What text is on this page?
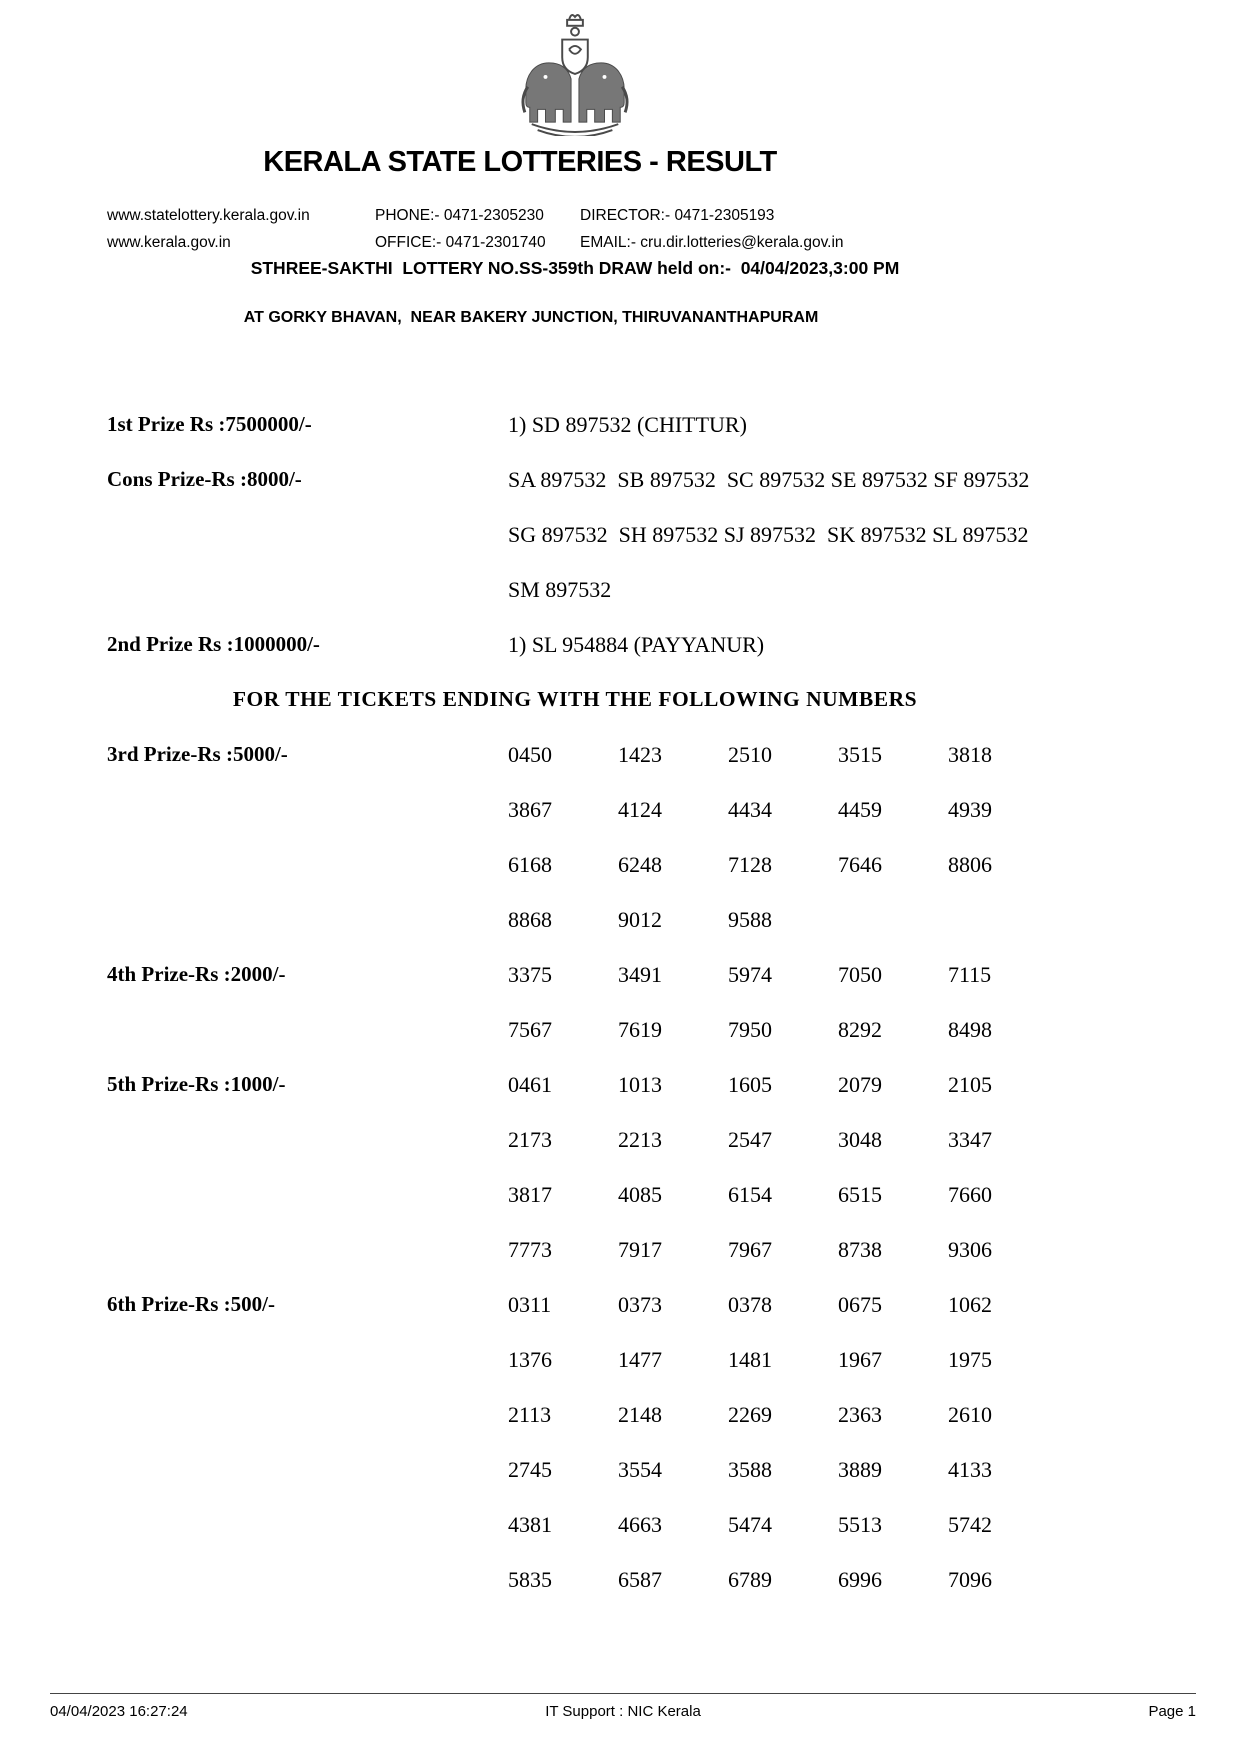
KERALA STATE LOTTERIES - RESULT
www.statelottery.kerala.gov.in	PHONE:- 0471-2305230	DIRECTOR:- 0471-2305193
www.kerala.gov.in	OFFICE:- 0471-2301740	EMAIL:- cru.dir.lotteries@kerala.gov.in
STHREE-SAKTHI  LOTTERY NO.SS-359th DRAW held on:-  04/04/2023,3:00 PM
AT GORKY BHAVAN,  NEAR BAKERY JUNCTION, THIRUVANANTHAPURAM
1st Prize Rs :7500000/-	1) SD 897532 (CHITTUR)
Cons Prize-Rs :8000/-	SA 897532  SB 897532  SC 897532 SE 897532 SF 897532
SG 897532  SH 897532 SJ 897532  SK 897532 SL 897532
SM 897532
2nd Prize Rs :1000000/-	1) SL 954884 (PAYYANUR)
FOR THE TICKETS ENDING WITH THE FOLLOWING NUMBERS
3rd Prize-Rs :5000/-	0450	1423	2510	3515	3818
3867	4124	4434	4459	4939
6168	6248	7128	7646	8806
8868	9012	9588
4th Prize-Rs :2000/-	3375	3491	5974	7050	7115
7567	7619	7950	8292	8498
5th Prize-Rs :1000/-	0461	1013	1605	2079	2105
2173	2213	2547	3048	3347
3817	4085	6154	6515	7660
7773	7917	7967	8738	9306
6th Prize-Rs :500/-	0311	0373	0378	0675	1062
1376	1477	1481	1967	1975
2113	2148	2269	2363	2610
2745	3554	3588	3889	4133
4381	4663	5474	5513	5742
5835	6587	6789	6996	7096
04/04/2023 16:27:24	IT Support : NIC Kerala	Page 1
